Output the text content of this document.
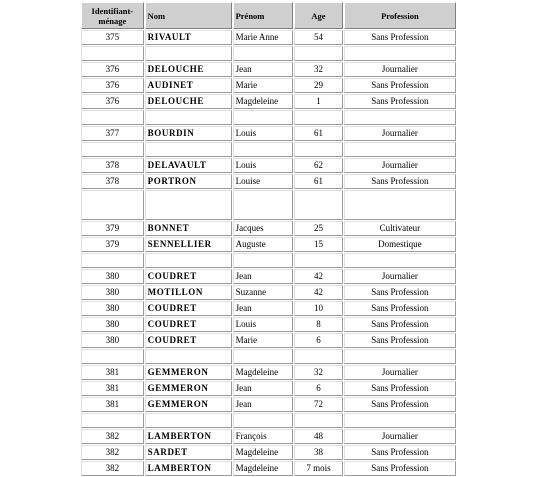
Identifiant-ménage	Nom	Prénom	Age	Profession
375	RIVAULT	Marie Anne	54	Sans Profession

376	DELOUCHE	Jean	32	Journalier
376	AUDINET	Marie	29	Sans Profession
376	DELOUCHE	Magdeleine	1	Sans Profession

377	BOURDIN	Louis	61	Journalier

378	DELAVAULT	Louis	62	Journalier
378	PORTRON	Louise	61	Sans Profession

379	BONNET	Jacques	25	Cultivateur
379	SENNELLIER	Auguste	15	Domestique

380	COUDRET	Jean	42	Journalier
380	MOTILLON	Suzanne	42	Sans Profession
380	COUDRET	Jean	10	Sans Profession
380	COUDRET	Louis	8	Sans Profession
380	COUDRET	Marie	6	Sans Profession

381	GEMMERON	Magdeleine	32	Journalier
381	GEMMERON	Jean	6	Sans Profession
381	GEMMERON	Jean	72	Sans Profession

382	LAMBERTON	François	48	Journalier
382	SARDET	Magdeleine	38	Sans Profession
382	LAMBERTON	Magdeleine	7 mois	Sans Profession
